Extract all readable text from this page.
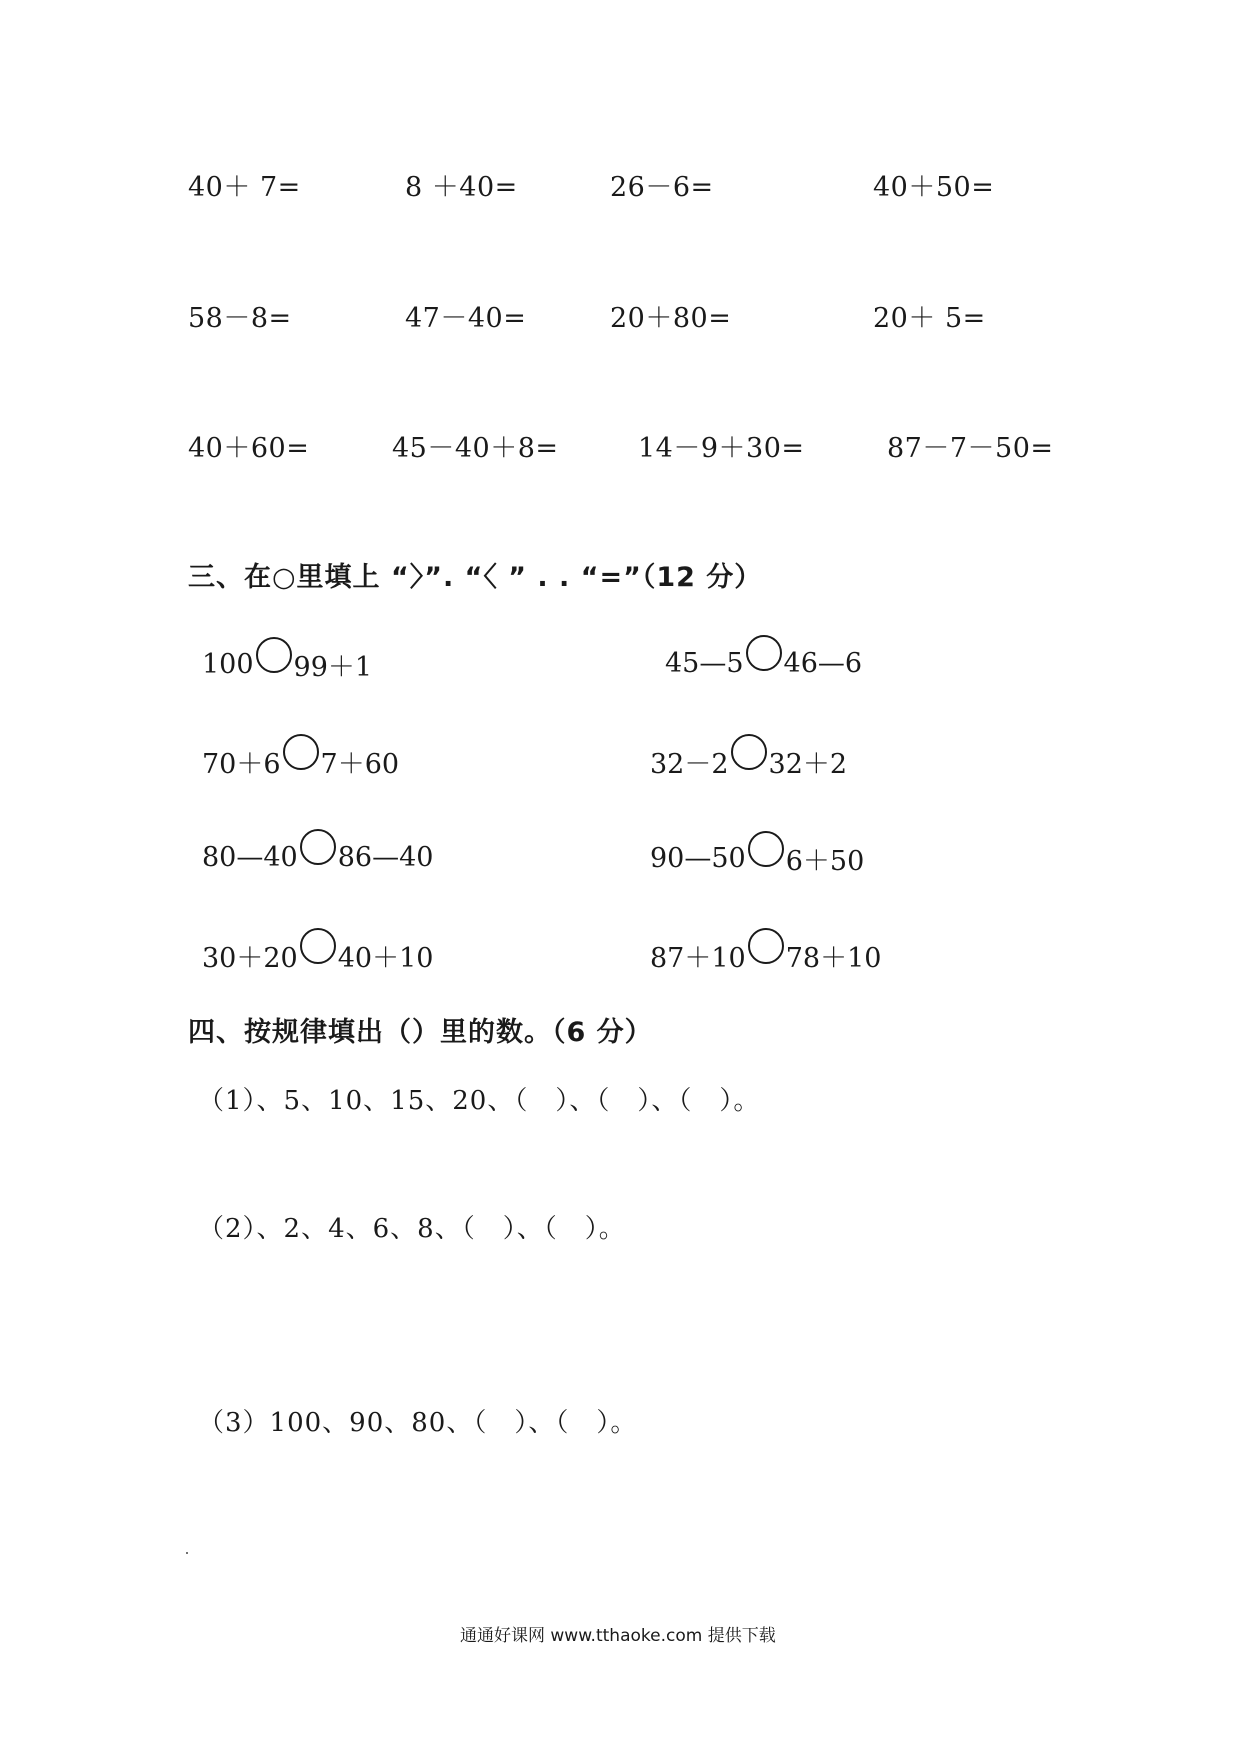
40＋ 7=	8 ＋40=	26－6=	40＋50=
58－8=	47－40=	20＋80=	20＋ 5=
40＋60=	45－40＋8=	14－9＋30=	87－7－50=
三、在○里填上 “〉”. “〈 ” . . “=”（12 分）
100 99＋1	45—5 46—6
70＋6 7＋60	32－2 32＋2
80—40 86—40	90—50 6＋50
30＋20 40＋10	87＋10 78＋10
四、按规律填出（）里的数。（6 分）
（1）、5、10、15、20、（　）、（　）、（　）。
（2）、2、4、6、8、（　）、（　）。
（3）100、90、80、（　）、（　）。
通通好课网 www.tthaoke.com 提供下载
